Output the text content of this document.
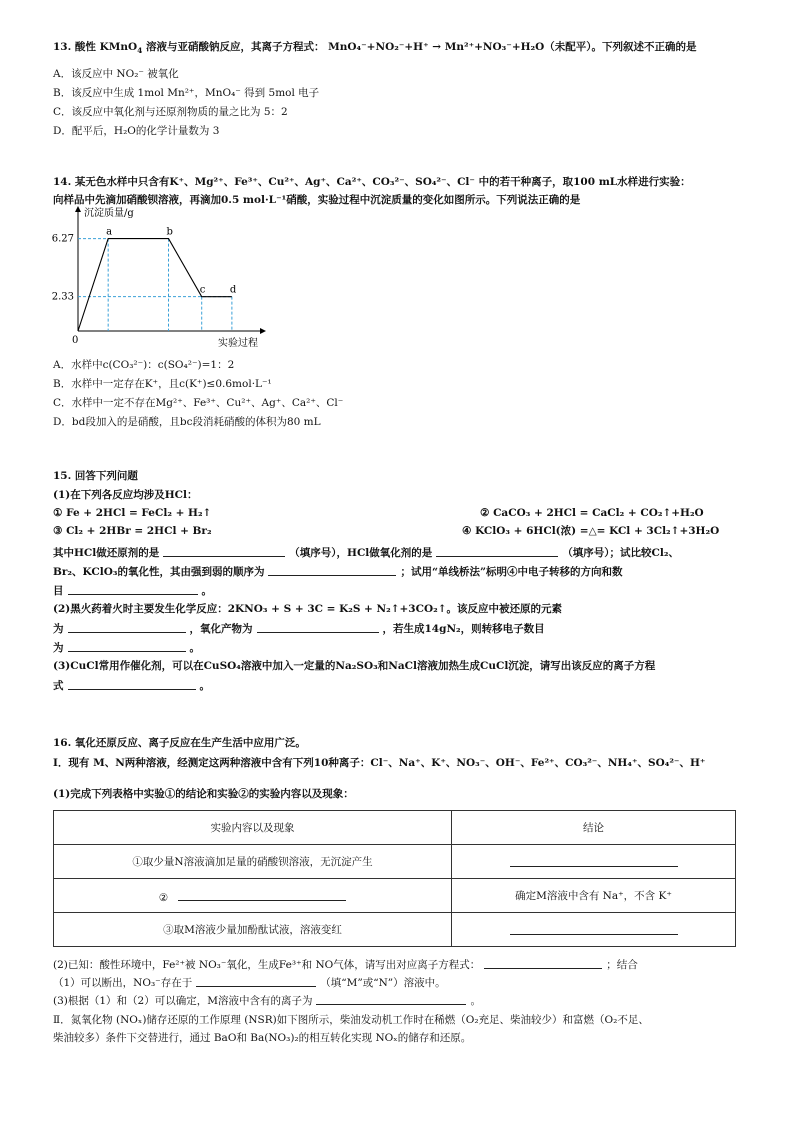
13. 酸性 KMnO$_4$ 溶液与亚硝酸钠反应，其离子方程式： MnO₄⁻+NO₂⁻+H⁺ → Mn²⁺+NO₃⁻+H₂O（未配平）。下列叙述不正确的是
A．该反应中 NO₂⁻ 被氧化
B．该反应中生成 1mol Mn²⁺，MnO₄⁻ 得到 5mol 电子
C．该反应中氧化剂与还原剂物质的量之比为 5：2
D．配平后，H₂O的化学计量数为 3
14. 某无色水样中只含有K⁺、Mg²⁺、Fe³⁺、Cu²⁺、Ag⁺、Ca²⁺、CO₃²⁻、SO₄²⁻、Cl⁻ 中的若干种离子，取100 mL水样进行实验：
向样品中先滴加硝酸钡溶液，再滴加0.5 mol·L⁻¹硝酸，实验过程中沉淀质量的变化如图所示。下列说法正确的是
沉淀质量/g
实验过程
0
6.27
2.33
a	b
c d
A．水样中c(CO₃²⁻)：c(SO₄²⁻)=1：2
B．水样中一定存在K⁺，且c(K⁺)≤0.6mol·L⁻¹
C．水样中一定不存在Mg²⁺、Fe³⁺、Cu²⁺、Ag⁺、Ca²⁺、Cl⁻
D．bd段加入的是硝酸，且bc段消耗硝酸的体积为80 mL
15. 回答下列问题
(1)在下列各反应均涉及HCl：
① Fe + 2HCl = FeCl₂ + H₂↑	② CaCO₃ + 2HCl = CaCl₂ + CO₂↑+H₂O
③ Cl₂ + 2HBr = 2HCl + Br₂	④ KClO₃ + 6HCl(浓) =△= KCl + 3Cl₂↑+3H₂O
其中HCl做还原剂的是	（填序号），HCl做氧化剂的是	（填序号）；试比较Cl₂、
Br₂、KClO₃的氧化性，其由强到弱的顺序为	；试用“单线桥法”标明④中电子转移的方向和数
目	。
(2)黑火药着火时主要发生化学反应：2KNO₃ + S + 3C = K₂S + N₂↑+3CO₂↑。该反应中被还原的元素
为	，氧化产物为	，若生成14gN₂，则转移电子数目
为	。
(3)CuCl常用作催化剂，可以在CuSO₄溶液中加入一定量的Na₂SO₃和NaCl溶液加热生成CuCl沉淀，请写出该反应的离子方程
式	。
16. 氧化还原反应、离子反应在生产生活中应用广泛。
Ⅰ．现有 M、N两种溶液，经测定这两种溶液中含有下列10种离子：Cl⁻、Na⁺、K⁺、NO₃⁻、OH⁻、Fe²⁺、CO₃²⁻、NH₄⁺、SO₄²⁻、H⁺
(1)完成下列表格中实验①的结论和实验②的实验内容以及现象：
实验内容以及现象	结论
①取少量N溶液滴加足量的硝酸钡溶液，无沉淀产生	
②	确定M溶液中含有 Na⁺，不含 K⁺
③取M溶液少量加酚酞试液，溶液变红	
(2)已知：酸性环境中，Fe²⁺被 NO₃⁻氧化，生成Fe³⁺和 NO气体，请写出对应离子方程式：	；结合
（1）可以断出，NO₃⁻存在于	（填“M”或“N”）溶液中。
(3)根据（1）和（2）可以确定，M溶液中含有的离子为	。
Ⅱ．氮氧化物 (NOₓ)储存还原的工作原理 (NSR)如下图所示，柴油发动机工作时在稀燃（O₂充足、柴油较少）和富燃（O₂不足、
柴油较多）条件下交替进行，通过 BaO和 Ba(NO₃)₂的相互转化实现 NOₓ的储存和还原。
